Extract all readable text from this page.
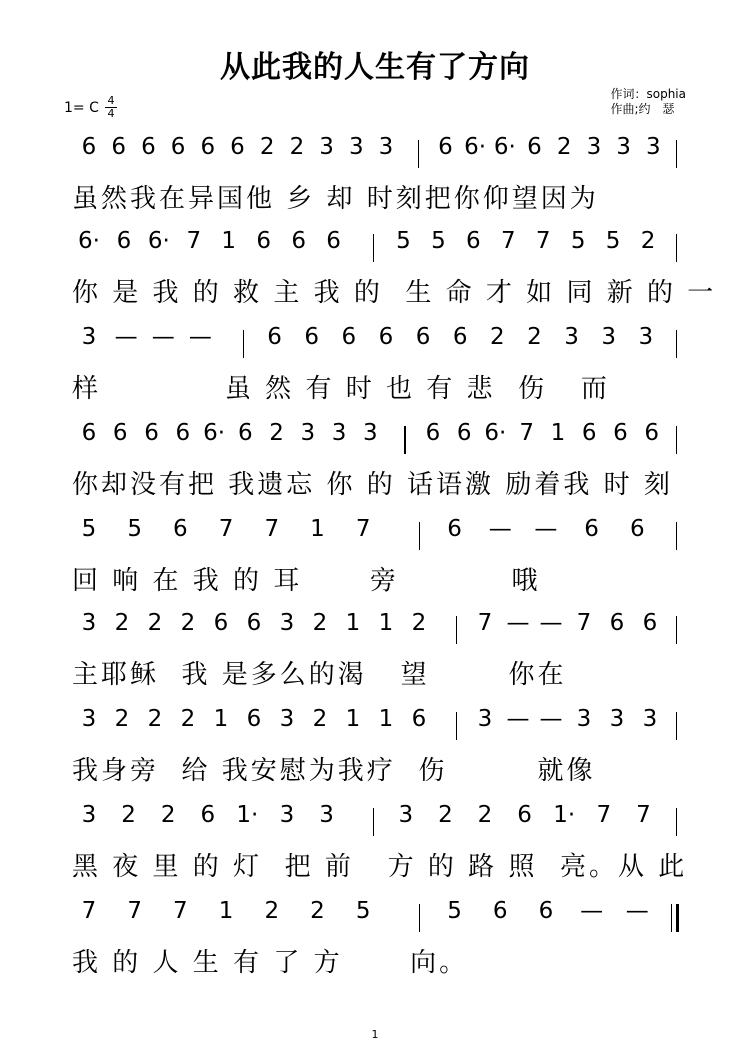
从此我的人生有了方向
1= C 4
4
作词：sophia
作曲;约　瑟
6 6 6 6 6 6 2 2 3 3 3 6 6· 6· 6 2 3 3 3
虽然我在异国他 乡 却 时刻把你仰望因为
6· 6 6· 7 1 6 6 6 5 5 6 7 7 5 5 2
你 是 我 的 救 主 我 的  生 命 才 如 同 新 的 一
3 — — — 6 6 6 6 6 6 2 2 3 3 3
样           虽 然 有 时 也 有 悲  伤   而
6 6 6 6 6· 6 2 3 3 3 6 6 6· 7 1 6 6 6
你却没有把 我遗忘 你 的 话语激 励着我 时 刻
5 5 6 7 7 1 7	6 — — 6 6
回 响 在 我 的 耳      旁          哦
3 2 2 2 6 6 3 2 1 1 2 7 — — 7 6 6
主耶稣  我 是多么的渴   望       你在
3 2 2 2 1 6 3 2 1 1 6 3 — — 3 3 3
我身旁  给 我安慰为我疗  伤        就像
3 2 2 6 1· 3 3	3 2 2 6 1· 7 7
黑 夜 里 的 灯  把 前   方 的 路 照  亮。从 此
7 7 7 1 2 2 5	5 6 6 — —
我 的 人 生 有 了 方      向。
1
